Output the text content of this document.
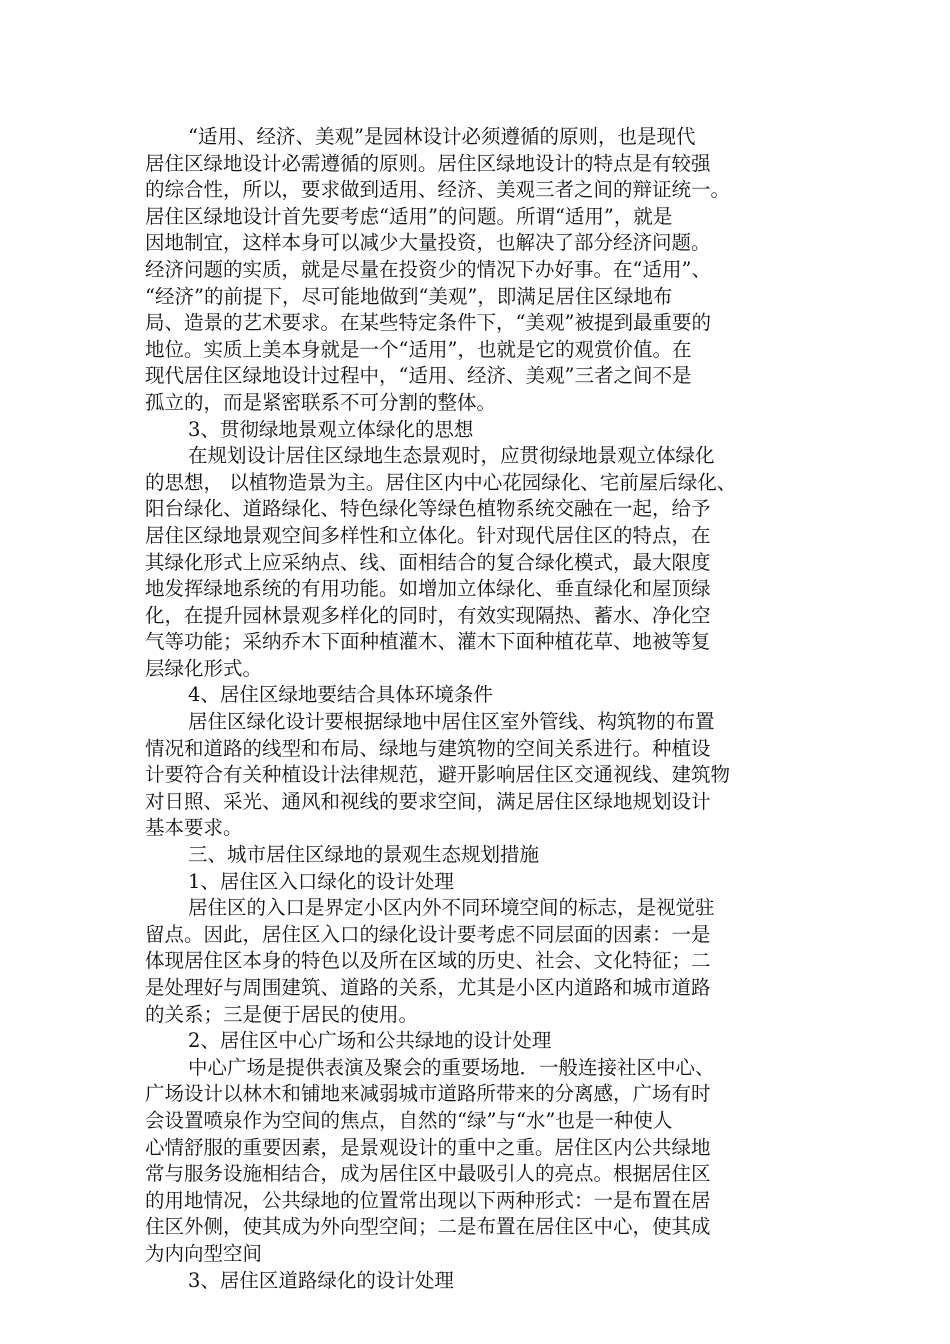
“适用、经济、美观”是园林设计必须遵循的原则，也是现代
居住区绿地设计必需遵循的原则。居住区绿地设计的特点是有较强
的综合性，所以，要求做到适用、经济、美观三者之间的辩证统一。
居住区绿地设计首先要考虑“适用”的问题。所谓“适用”，就是
因地制宜，这样本身可以减少大量投资，也解决了部分经济问题。
经济问题的实质，就是尽量在投资少的情况下办好事。在“适用”、
“经济”的前提下，尽可能地做到“美观”，即满足居住区绿地布
局、造景的艺术要求。在某些特定条件下，“美观”被提到最重要的
地位。实质上美本身就是一个“适用”，也就是它的观赏价值。在
现代居住区绿地设计过程中，“适用、经济、美观”三者之间不是
孤立的，而是紧密联系不可分割的整体。
3、贯彻绿地景观立体绿化的思想
在规划设计居住区绿地生态景观时，应贯彻绿地景观立体绿化
的思想， 以植物造景为主。居住区内中心花园绿化、宅前屋后绿化、
阳台绿化、道路绿化、特色绿化等绿色植物系统交融在一起，给予
居住区绿地景观空间多样性和立体化。针对现代居住区的特点，在
其绿化形式上应采纳点、线、面相结合的复合绿化模式，最大限度
地发挥绿地系统的有用功能。如增加立体绿化、垂直绿化和屋顶绿
化，在提升园林景观多样化的同时，有效实现隔热、蓄水、净化空
气等功能；采纳乔木下面种植灌木、灌木下面种植花草、地被等复
层绿化形式。
4、居住区绿地要结合具体环境条件
居住区绿化设计要根据绿地中居住区室外管线、构筑物的布置
情况和道路的线型和布局、绿地与建筑物的空间关系进行。种植设
计要符合有关种植设计法律规范，避开影响居住区交通视线、建筑物
对日照、采光、通风和视线的要求空间，满足居住区绿地规划设计
基本要求。
三、城市居住区绿地的景观生态规划措施
1、居住区入口绿化的设计处理
居住区的入口是界定小区内外不同环境空间的标志，是视觉驻
留点。因此，居住区入口的绿化设计要考虑不同层面的因素：一是
体现居住区本身的特色以及所在区域的历史、社会、文化特征；二
是处理好与周围建筑、道路的关系，尤其是小区内道路和城市道路
的关系；三是便于居民的使用。
2、居住区中心广场和公共绿地的设计处理
中心广场是提供表演及聚会的重要场地．一般连接社区中心、
广场设计以林木和铺地来减弱城市道路所带来的分离感，广场有时
会设置喷泉作为空间的焦点，自然的“绿”与“水”也是一种使人
心情舒服的重要因素，是景观设计的重中之重。居住区内公共绿地
常与服务设施相结合，成为居住区中最吸引人的亮点。根据居住区
的用地情况，公共绿地的位置常出现以下两种形式：一是布置在居
住区外侧，使其成为外向型空间；二是布置在居住区中心，使其成
为内向型空间
3、居住区道路绿化的设计处理
